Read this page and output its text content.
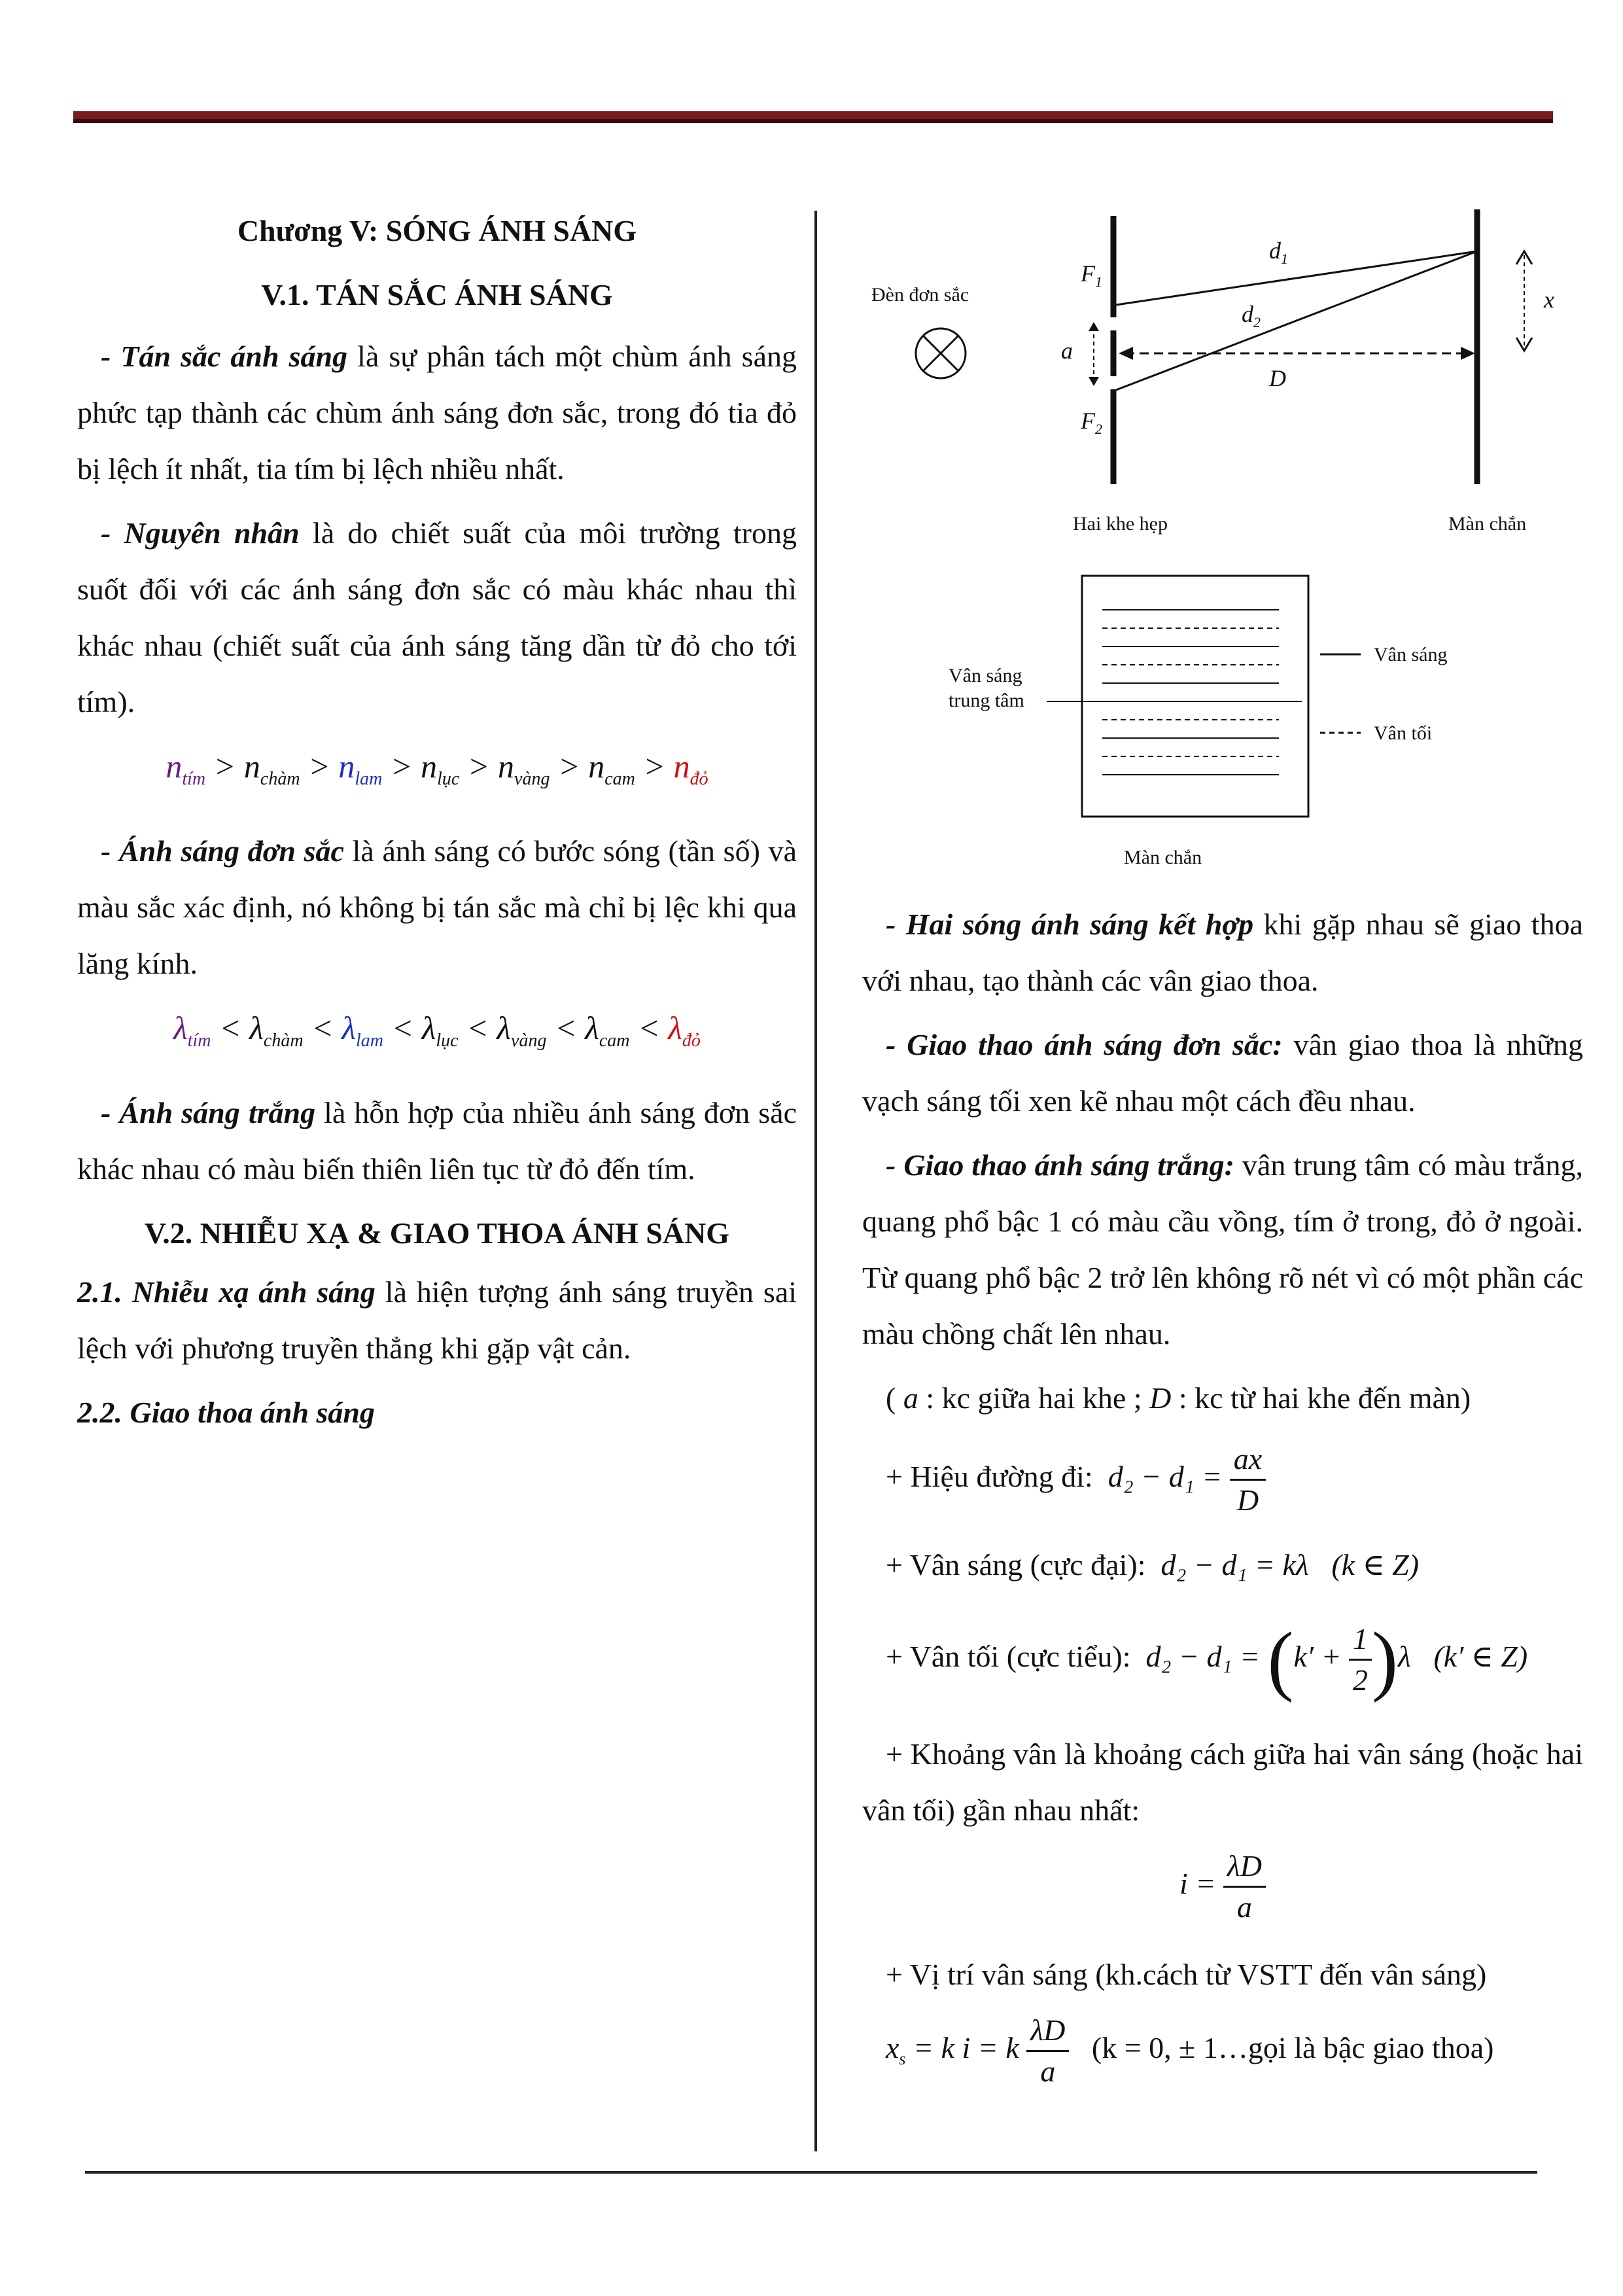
Chương V: SÓNG ÁNH SÁNG
V.1. TÁN SẮC ÁNH SÁNG

- Tán sắc ánh sáng là sự phân tách một chùm ánh sáng phức tạp thành các chùm ánh sáng đơn sắc, trong đó tia đỏ bị lệch ít nhất, tia tím bị lệch nhiều nhất.

- Nguyên nhân là do chiết suất của môi trường trong suốt đối với các ánh sáng đơn sắc có màu khác nhau thì khác nhau (chiết suất của ánh sáng tăng dần từ đỏ cho tới tím).

$n_{tím} > n_{chàm} > n_{lam} > n_{lục} > n_{vàng} > n_{cam} > n_{đỏ}$

- Ánh sáng đơn sắc là ánh sáng có bước sóng (tần số) và màu sắc xác định, nó không bị tán sắc mà chỉ bị lệc khi qua lăng kính.

$\lambda_{tím} < \lambda_{chàm} < \lambda_{lam} < \lambda_{lục} < \lambda_{vàng} < \lambda_{cam} < \lambda_{đỏ}$

- Ánh sáng trắng là hỗn hợp của nhiều ánh sáng đơn sắc khác nhau có màu biến thiên liên tục từ đỏ đến tím.

V.2. NHIỄU XẠ & GIAO THOA ÁNH SÁNG

2.1. Nhiễu xạ ánh sáng là hiện tượng ánh sáng truyền sai lệch với phương truyền thẳng khi gặp vật cản.

2.2. Giao thoa ánh sáng

Đèn đơn sắc
$F_1$
$F_2$
a
$d_1$
$d_2$
D
x
Hai khe hẹp	Màn chắn
Vân sáng
trung tâm
Vân sáng
Vân tối
Màn chắn

- Hai sóng ánh sáng kết hợp khi gặp nhau sẽ giao thoa với nhau, tạo thành các vân giao thoa.

- Giao thao ánh sáng đơn sắc: vân giao thoa là những vạch sáng tối xen kẽ nhau một cách đều nhau.

- Giao thao ánh sáng trắng: vân trung tâm có màu trắng, quang phổ bậc 1 có màu cầu vồng, tím ở trong, đỏ ở ngoài. Từ quang phổ bậc 2 trở lên không rõ nét vì có một phần các màu chồng chất lên nhau.

( a : kc giữa hai khe ; D : kc từ hai khe đến màn)

+ Hiệu đường đi: $d_2 - d_1 = \frac{ax}{D}$
+ Vân sáng (cực đại): d₂ − d₁ = kλ (k ∈ Z)
+ Vân tối (cực tiểu): $d_2 - d_1 = (k' + \frac{1}{2} )\lambda$ (k′ ∈ Z)

+ Khoảng vân là khoảng cách giữa hai vân sáng (hoặc hai vân tối) gần nhau nhất:

$i = \frac{\lambda D}{a}$

+ Vị trí vân sáng (kh.cách từ VSTT đến vân sáng)

$x_s = k$ i = k $\frac{\lambda D}{a} (k = 0$, ± 1…gọi là bậc giao thoa)
